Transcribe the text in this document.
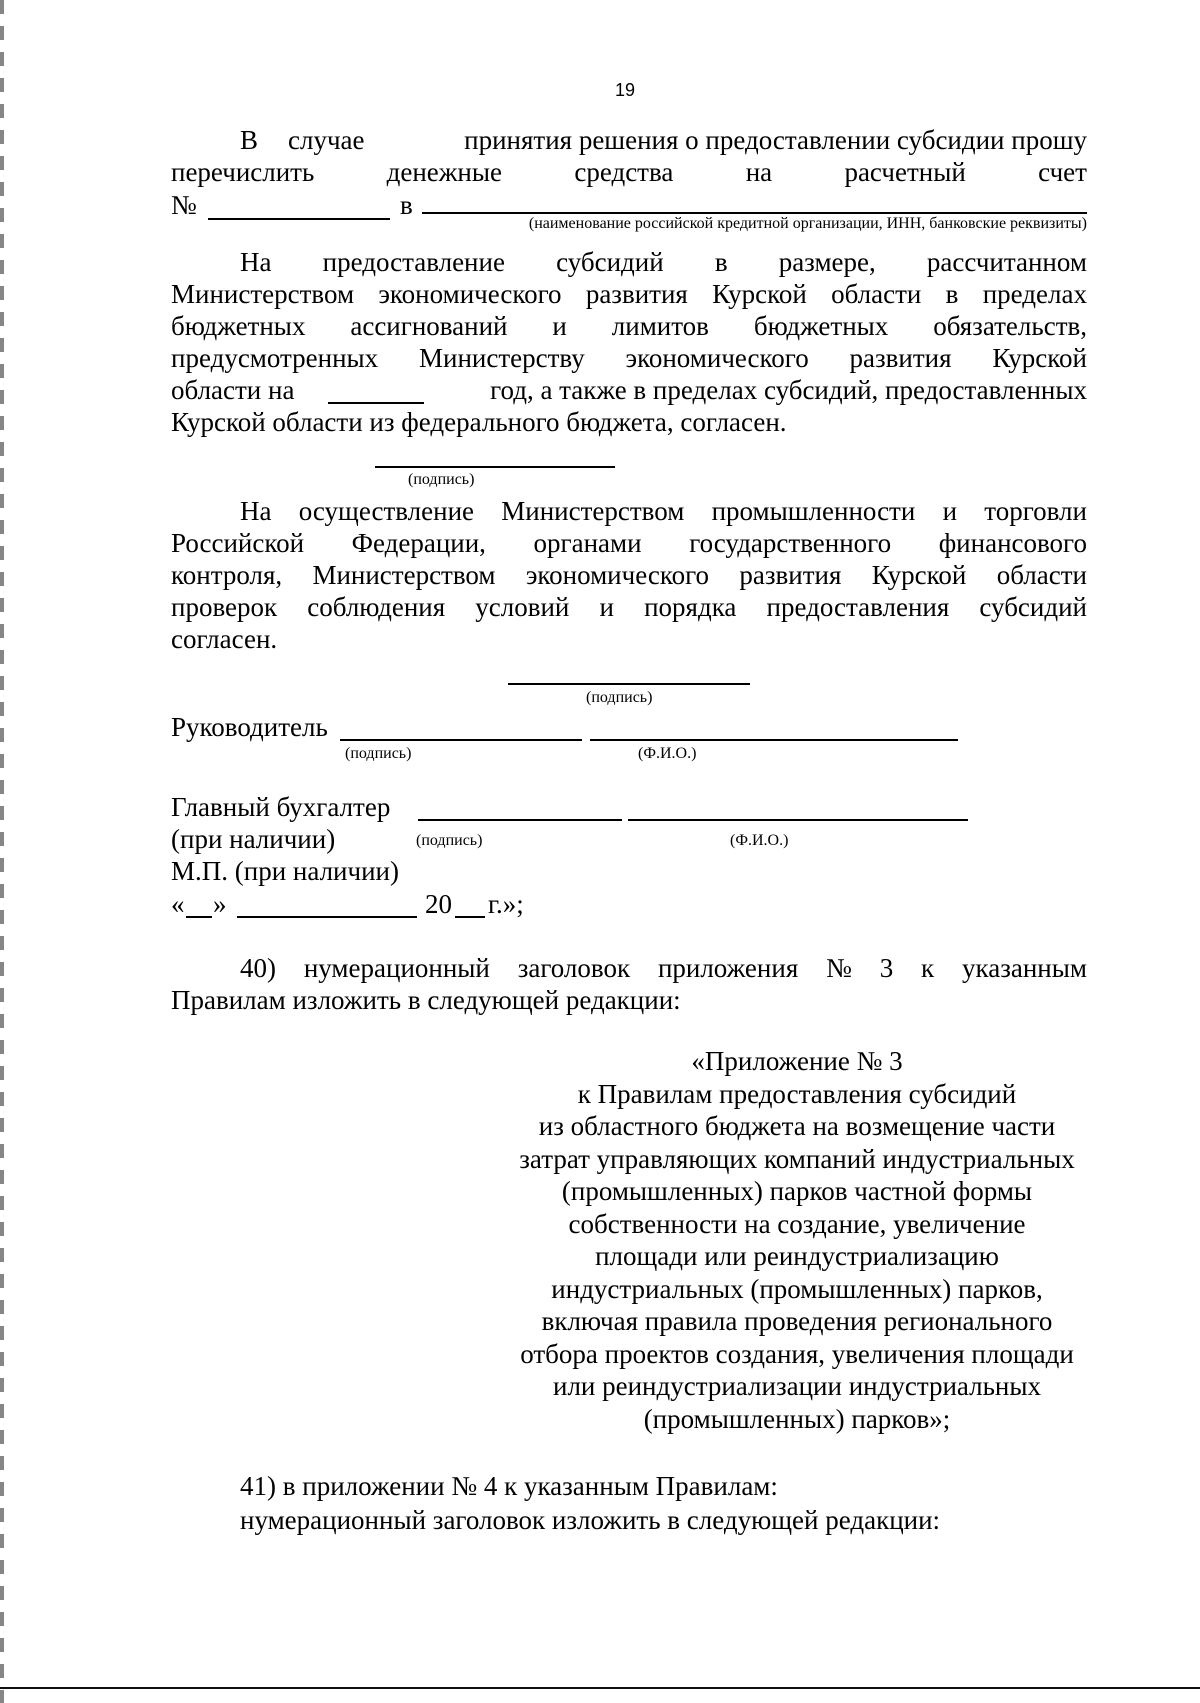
19
В случае	принятия решения о предоставлении субсидии прошу
перечислить	денежные	средства	на	расчетный	счет
№	в
(наименование российской кредитной организации, ИНН, банковские реквизиты)
На предоставление субсидий в размере, рассчитанном
Министерством экономического развития Курской области в пределах
бюджетных ассигнований и лимитов бюджетных обязательств,
предусмотренных Министерству экономического развития Курской
области на	год, а также в пределах субсидий, предоставленных
Курской области из федерального бюджета, согласен.
(подпись)
На осуществление Министерством промышленности и торговли
Российской Федерации, органами государственного финансового
контроля, Министерством экономического развития Курской области
проверок соблюдения условий и порядка предоставления субсидий
согласен.
(подпись)
Руководитель
(подпись)	(Ф.И.О.)
Главный бухгалтер
(при наличии)	(подпись)	(Ф.И.О.)
М.П. (при наличии)
« »	20 г.»;
40) нумерационный заголовок приложения № 3 к указанным
Правилам изложить в следующей редакции:
«Приложение № 3
к Правилам предоставления субсидий
из областного бюджета на возмещение части
затрат управляющих компаний индустриальных
(промышленных) парков частной формы
собственности на создание, увеличение
площади или реиндустриализацию
индустриальных (промышленных) парков,
включая правила проведения регионального
отбора проектов создания, увеличения площади
или реиндустриализации индустриальных
(промышленных) парков»;
41) в приложении № 4 к указанным Правилам:
нумерационный заголовок изложить в следующей редакции:
